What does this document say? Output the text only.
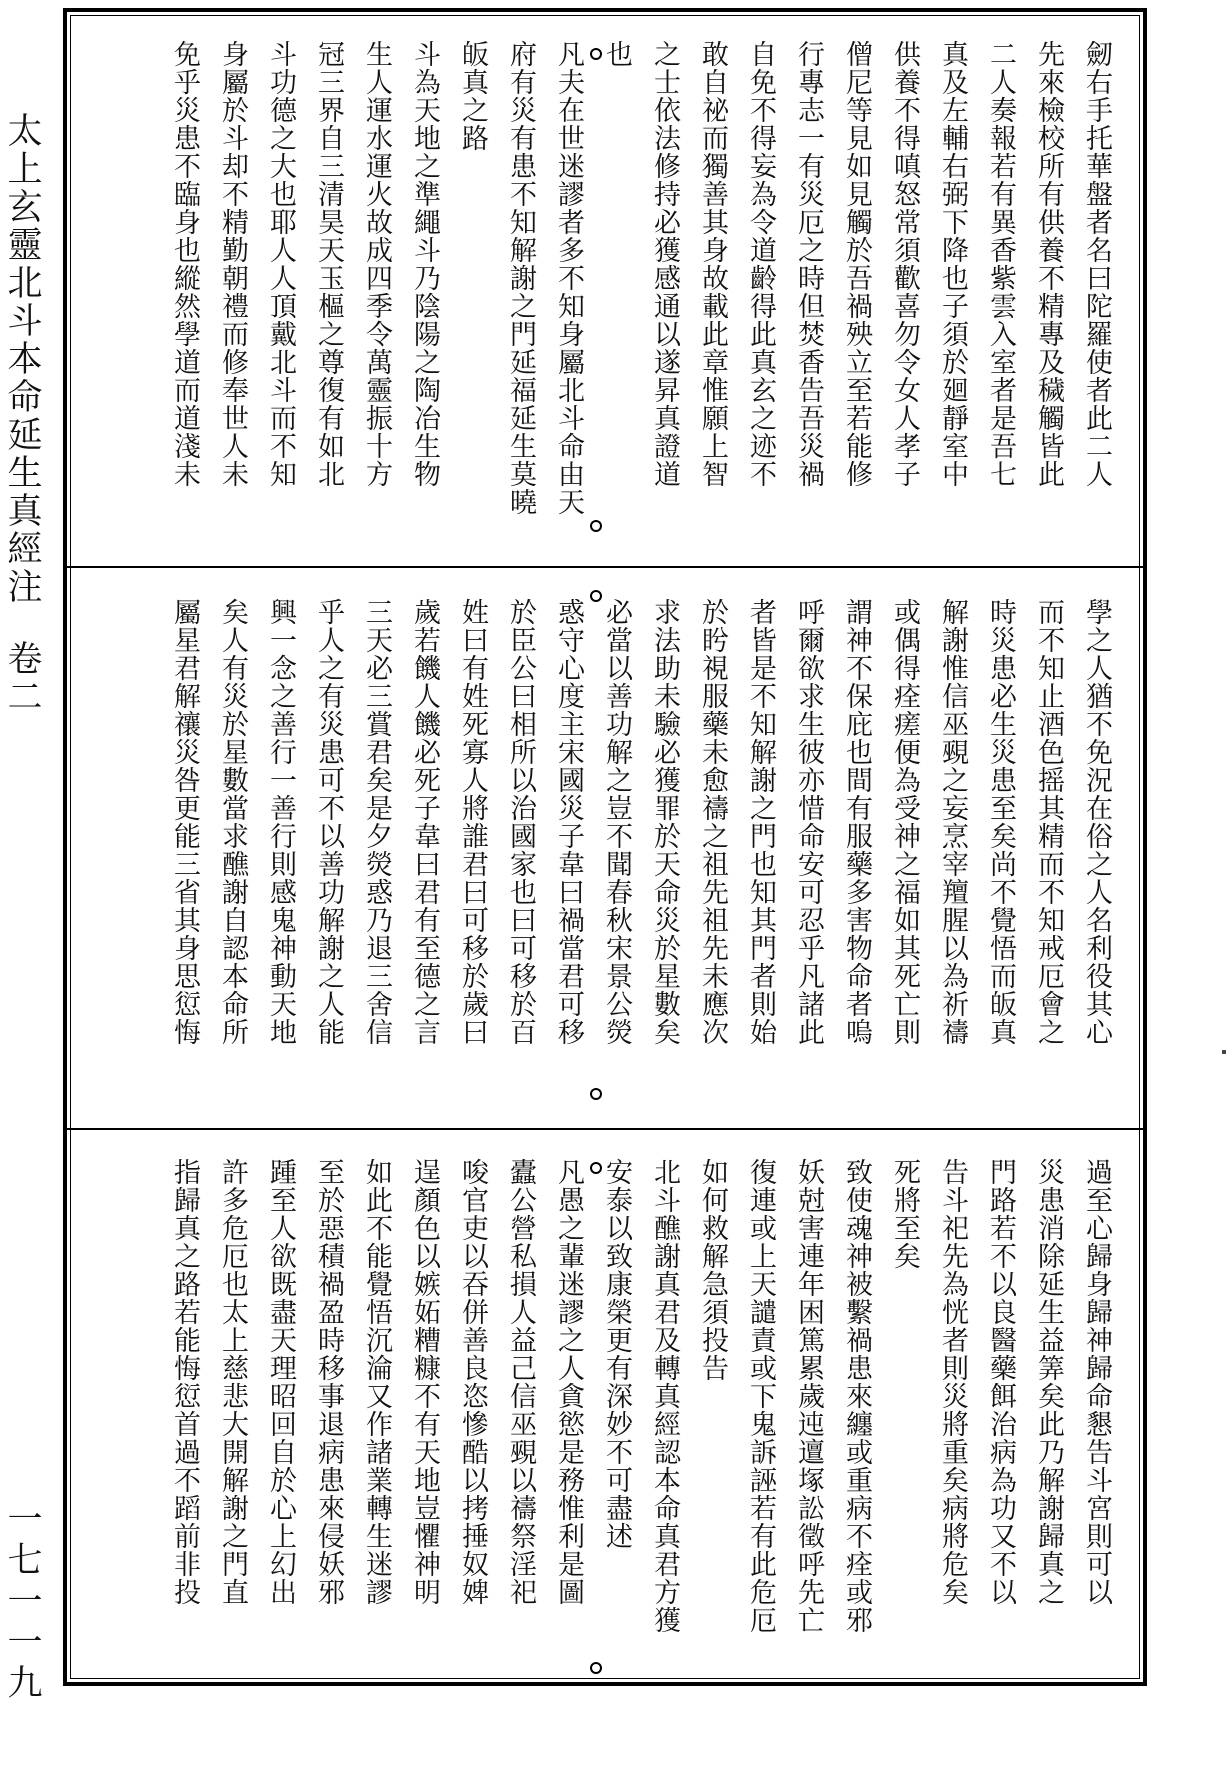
太上玄靈北斗本命延生真經注
卷二
一七一一九
劒右手托華盤者名曰陀羅使者此二人
先來檢校所有供養不精專及穢觸皆此
二人奏報若有異香紫雲入室者是吾七
真及左輔右弼下降也子須於廻靜室中
供養不得嗔怒常須歡喜勿令女人孝子
僧尼等見如見觸於吾禍殃立至若能修
行專志一有災厄之時但焚香告吾災禍
自免不得妄為令道齡得此真玄之迹不
敢自祕而獨善其身故載此章惟願上智
之士依法修持必獲感通以遂昇真證道
也
凡夫在世迷謬者多不知身屬北斗命由天
府有災有患不知解謝之門延福延生莫曉
皈真之路
斗為天地之準繩斗乃陰陽之陶冶生物
生人運水運火故成四季令萬靈振十方
冠三界自三清昊天玉樞之尊復有如北
斗功德之大也耶人人頂戴北斗而不知
身屬於斗却不精勤朝禮而修奉世人未
免乎災患不臨身也縱然學道而道淺未
學之人猶不免況在俗之人名利役其心
而不知止酒色摇其精而不知戒厄會之
時災患必生災患至矣尚不覺悟而皈真
解謝惟信巫覡之妄烹宰羶腥以為祈禱
或偶得痊瘥便為受神之福如其死亡則
謂神不保庇也間有服藥多害物命者嗚
呼爾欲求生彼亦惜命安可忍乎凡諸此
者皆是不知解謝之門也知其門者則始
於盻視服藥未愈禱之祖先祖先未應次
求法助未驗必獲罪於天命災於星數矣
必當以善功解之豈不聞春秋宋景公熒
惑守心度主宋國災子韋曰禍當君可移
於臣公曰相所以治國家也曰可移於百
姓曰有姓死寡人將誰君曰可移於歲曰
歲若饑人饑必死子韋曰君有至德之言
三天必三賞君矣是夕熒惑乃退三舍信
乎人之有災患可不以善功解謝之人能
興一念之善行一善行則感鬼神動天地
矣人有災於星數當求醮謝自認本命所
屬星君解禳災咎更能三省其身思愆悔
過至心歸身歸神歸命懇告斗宮則可以
災患消除延生益筭矣此乃解謝歸真之
門路若不以良醫藥餌治病為功又不以
告斗祀先為恍者則災將重矣病將危矣
死將至矣
致使魂神被繫禍患來纏或重病不痊或邪
妖尅害連年困篤累歲迍邅塚訟徵呼先亡
復連或上天譴責或下鬼訴誣若有此危厄
如何救解急須投告
北斗醮謝真君及轉真經認本命真君方獲
安泰以致康榮更有深妙不可盡述
凡愚之輩迷謬之人貪慾是務惟利是圖
蠹公營私損人益己信巫覡以禱祭淫祀
唆官吏以吞併善良恣慘酷以拷捶奴婢
逞顏色以嫉妬糟糠不有天地豈懼神明
如此不能覺悟沉淪又作諸業轉生迷謬
至於惡積禍盈時移事退病患來侵妖邪
踵至人欲既盡天理昭回自於心上幻出
許多危厄也太上慈悲大開解謝之門直
指歸真之路若能悔愆首過不蹈前非投
